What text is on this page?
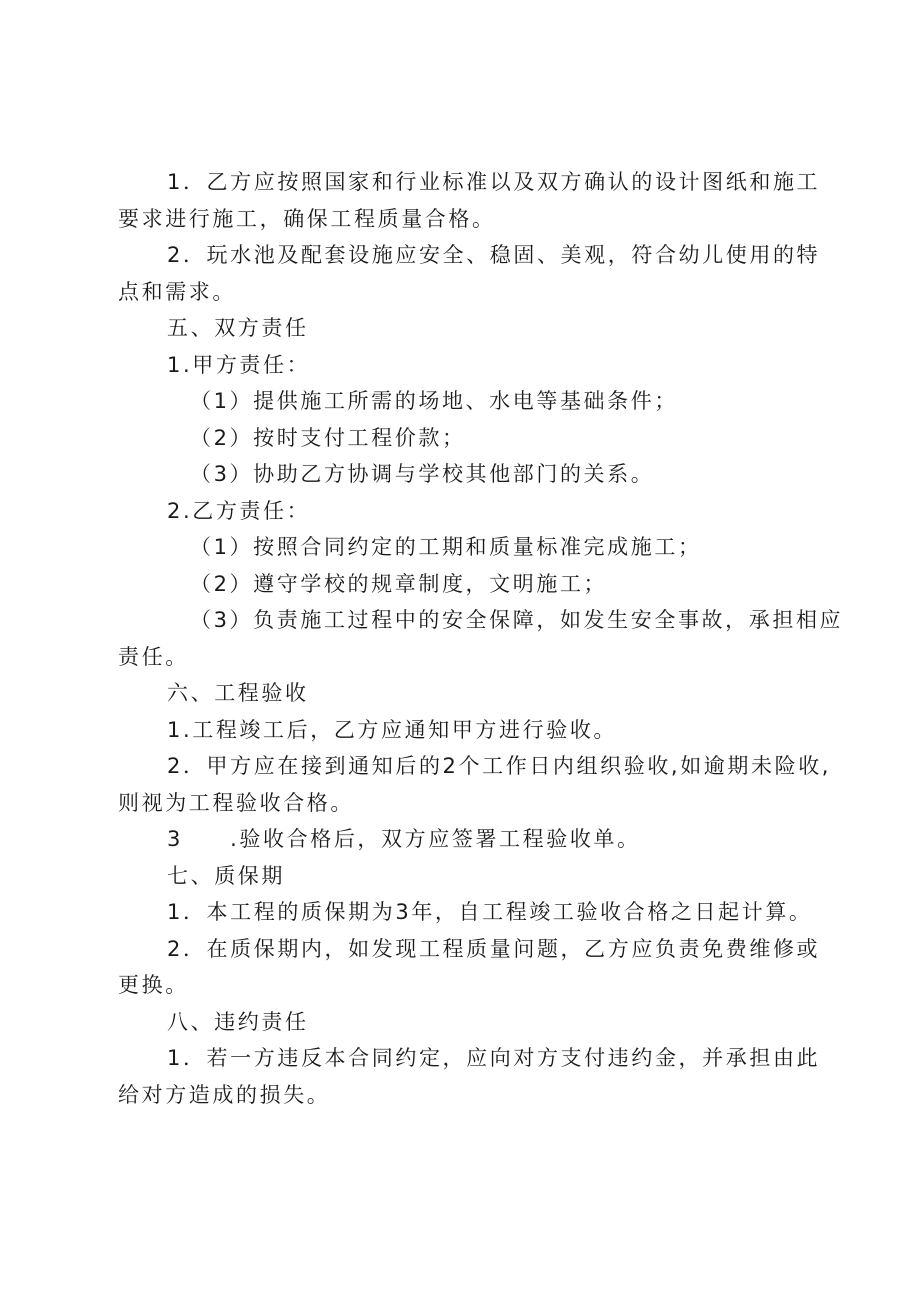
1．乙方应按照国家和行业标准以及双方确认的设计图纸和施工
要求进行施工，确保工程质量合格。
2．玩水池及配套设施应安全、稳固、美观，符合幼儿使用的特
点和需求。
五、双方责任
1.甲方责任：
（1）提供施工所需的场地、水电等基础条件；
（2）按时支付工程价款；
（3）协助乙方协调与学校其他部门的关系。
2.乙方责任：
（1）按照合同约定的工期和质量标准完成施工；
（2）遵守学校的规章制度，文明施工；
（3）负责施工过程中的安全保障，如发生安全事故，承担相应
责任。
六、工程验收
1.工程竣工后，乙方应通知甲方进行验收。
2．甲方应在接到通知后的2个工作日内组织验收,如逾期未险收,
则视为工程验收合格。
3　　.验收合格后，双方应签署工程验收单。
七、质保期
1．本工程的质保期为3年，自工程竣工验收合格之日起计算。
2．在质保期内，如发现工程质量问题，乙方应负责免费维修或
更换。
八、违约责任
1．若一方违反本合同约定，应向对方支付违约金，并承担由此
给对方造成的损失。
